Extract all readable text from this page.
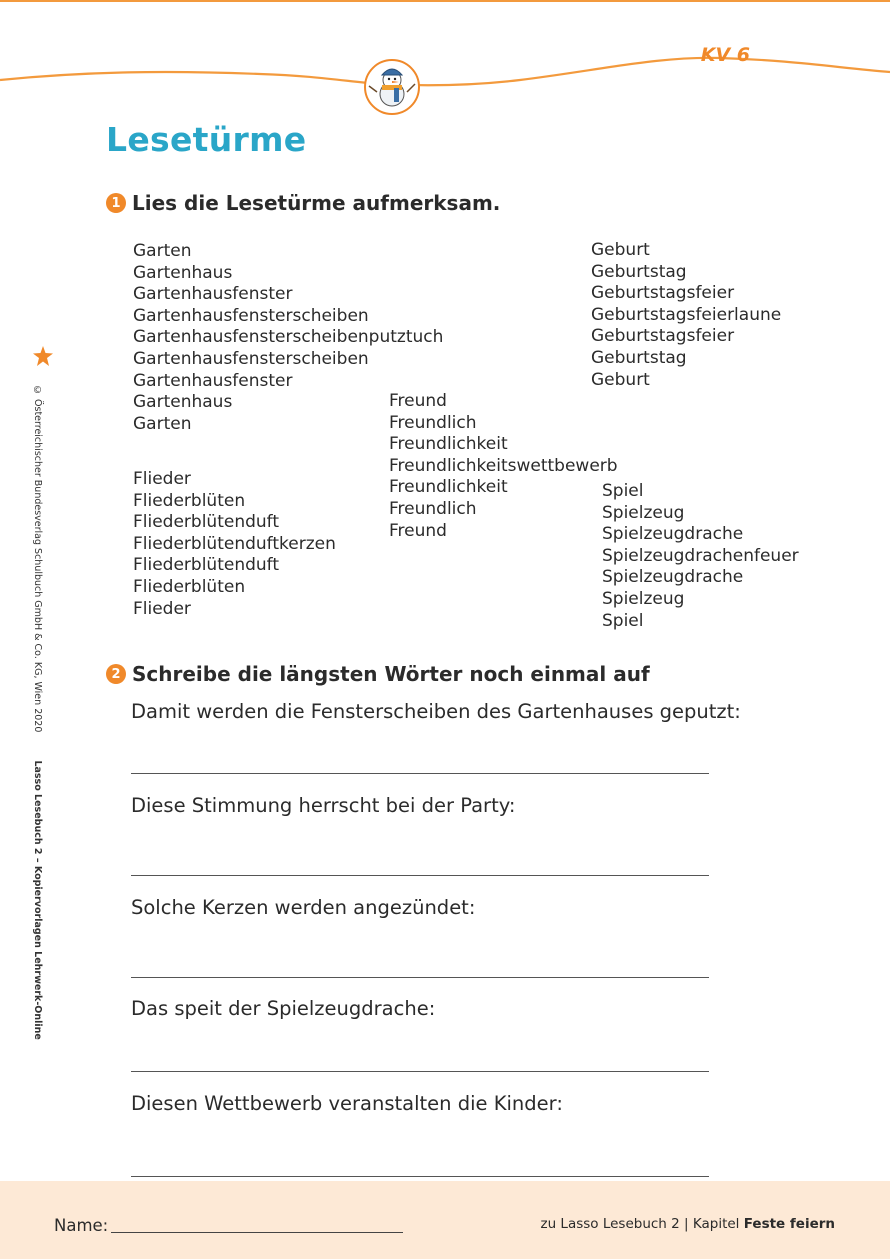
KV 6
Lesetürme
1 Lies die Lesetürme aufmerksam.
Garten
Gartenhaus
Gartenhausfenster
Gartenhausfensterscheiben
Gartenhausfensterscheibenputztuch
Gartenhausfensterscheiben
Gartenhausfenster
Gartenhaus
Garten
Geburt
Geburtstag
Geburtstagsfeier
Geburtstagsfeierlaune
Geburtstagsfeier
Geburtstag
Geburt
Freund
Freundlich
Freundlichkeit
Freundlichkeitswettbewerb
Freundlichkeit
Freundlich
Freund
Flieder
Fliederblüten
Fliederblütenduft
Fliederblütenduftkerzen
Fliederblütenduft
Fliederblüten
Flieder
Spiel
Spielzeug
Spielzeugdrache
Spielzeugdrachenfeuer
Spielzeugdrache
Spielzeug
Spiel
2 Schreibe die längsten Wörter noch einmal auf
Damit werden die Fensterscheiben des Gartenhauses geputzt:
Diese Stimmung herrscht bei der Party:
Solche Kerzen werden angezündet:
Das speit der Spielzeugdrache:
Diesen Wettbewerb veranstalten die Kinder:
© Österreichischer Bundesverlag Schulbuch GmbH & Co. KG, Wien 2020  Lasso Lesebuch 2 – Kopiervorlagen Lehrwerk-Online
Name:	zu Lasso Lesebuch 2 | Kapitel Feste feiern
